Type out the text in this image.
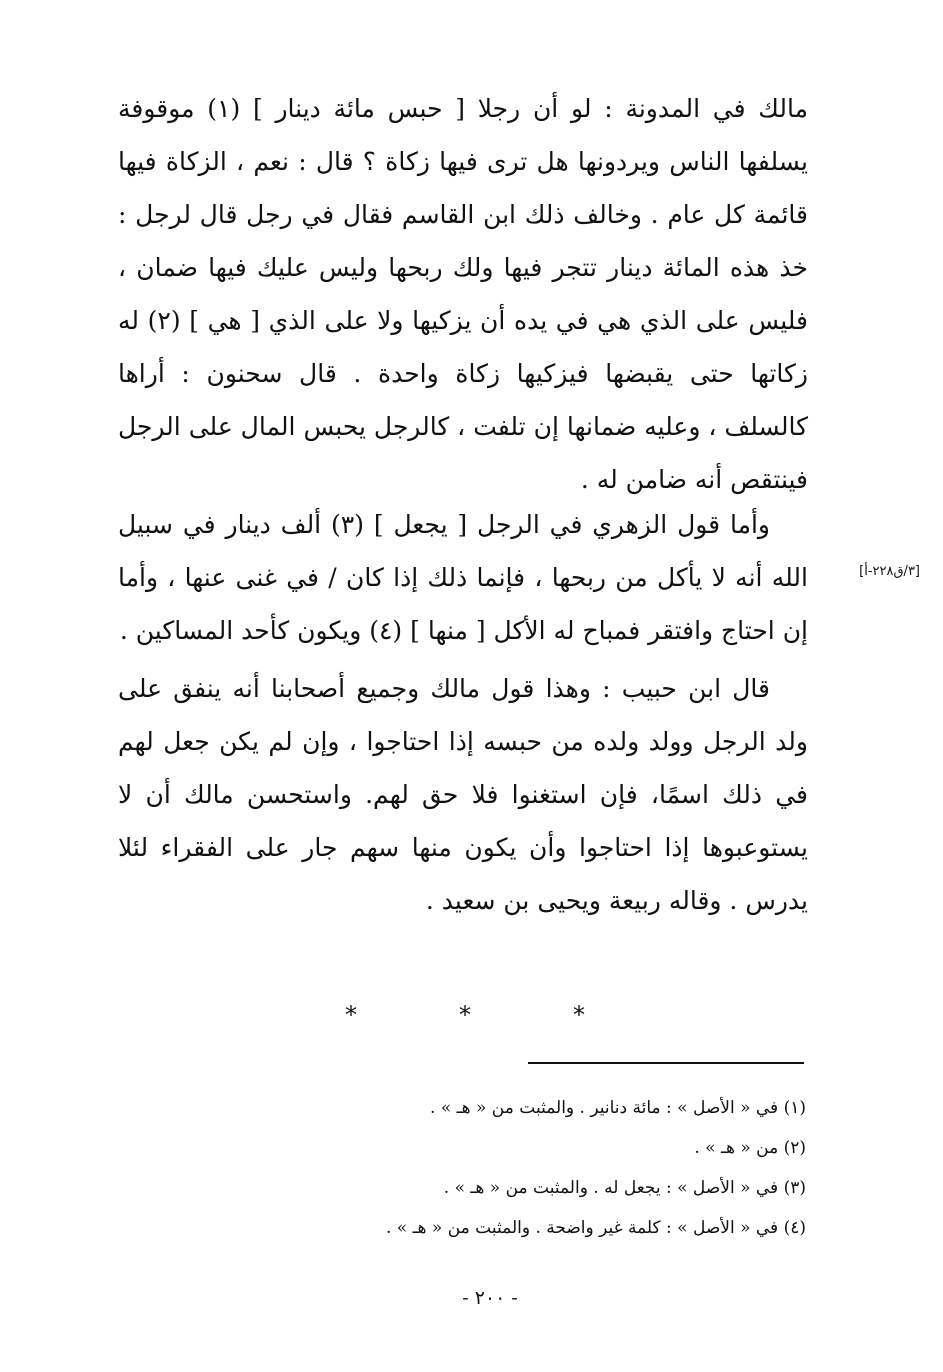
مالك في المدونة : لو أن رجلا [ حبس مائة دينار ] (١) موقوفة يسلفها الناس ويردونها هل ترى فيها زكاة ؟ قال : نعم ، الزكاة فيها قائمة كل عام . وخالف ذلك ابن القاسم فقال في رجل قال لرجل : خذ هذه المائة دينار تتجر فيها ولك ربحها وليس عليك فيها ضمان ، فليس على الذي هي في يده أن يزكيها ولا على الذي [ هي ] (٢) له زكاتها حتى يقبضها فيزكيها زكاة واحدة . قال سحنون : أراها كالسلف ، وعليه ضمانها إن تلفت ، كالرجل يحبس المال على الرجل فينتقص أنه ضامن له .
وأما قول الزهري في الرجل [ يجعل ] (٣) ألف دينار في سبيل الله أنه لا يأكل من ربحها ، فإنما ذلك إذا كان / في غنى عنها ، وأما إن احتاج وافتقر فمباح له الأكل [ منها ] (٤) ويكون كأحد المساكين .
[٣/ق٢٢٨-أ]
قال ابن حبيب : وهذا قول مالك وجميع أصحابنا أنه ينفق على ولد الرجل وولد ولده من حبسه إذا احتاجوا ، وإن لم يكن جعل لهم في ذلك اسمًا، فإن استغنوا فلا حق لهم. واستحسن مالك أن لا يستوعبوها إذا احتاجوا وأن يكون منها سهم جار على الفقراء لئلا يدرس . وقاله ربيعة ويحيى بن سعيد .
*
*
*
(١) في « الأصل » : مائة دنانير . والمثبت من « هـ » .
(٢) من « هـ » .
(٣) في « الأصل » : يجعل له . والمثبت من « هـ » .
(٤) في « الأصل » : كلمة غير واضحة . والمثبت من « هـ » .
- ٢٠٠ -
